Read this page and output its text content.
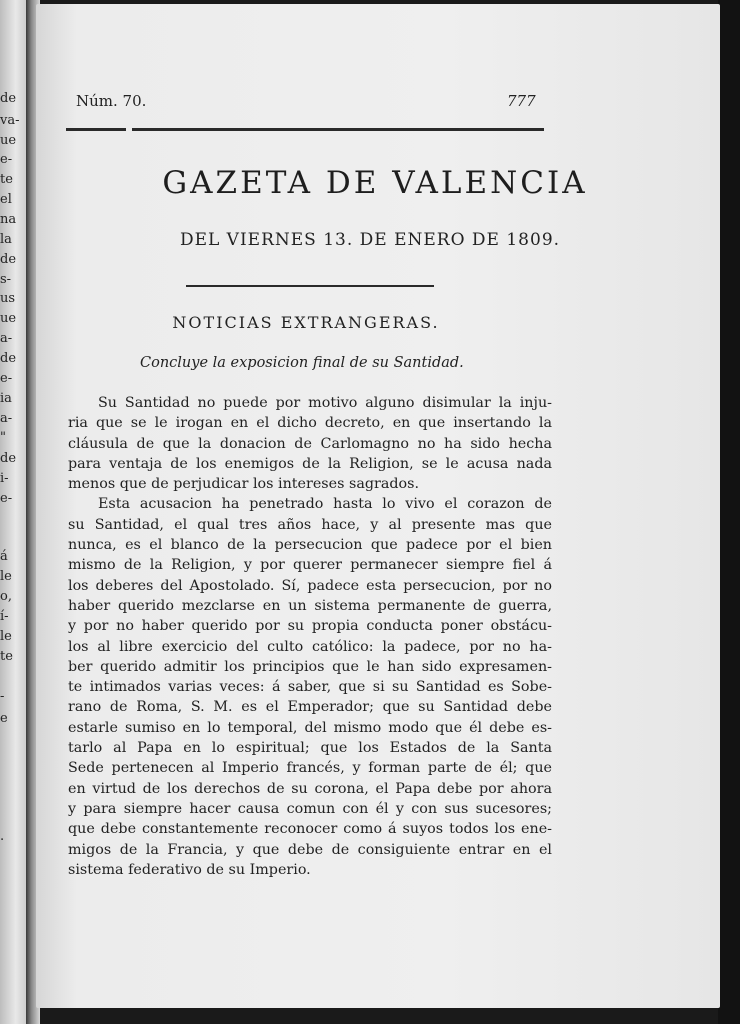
de
va-
ue
e-
te
el
na
la
de
s-
us
ue
a-
de
e-
ia
a-
"
de
i-
e-
á
le
o,
í-
le
te
-
e
.
Núm. 70.	777
GAZETA DE VALENCIA
DEL VIERNES 13. DE ENERO DE 1809.
NOTICIAS EXTRANGERAS.
Concluye la exposicion final de su Santidad.
Su Santidad no puede por motivo alguno disimular la inju-
ria que se le irogan en el dicho decreto, en que insertando la
cláusula de que la donacion de Carlomagno no ha sido hecha
para ventaja de los enemigos de la Religion, se le acusa nada
menos que de perjudicar los intereses sagrados.
Esta acusacion ha penetrado hasta lo vivo el corazon de
su Santidad, el qual tres años hace, y al presente mas que
nunca, es el blanco de la persecucion que padece por el bien
mismo de la Religion, y por querer permanecer siempre fiel á
los deberes del Apostolado. Sí, padece esta persecucion, por no
haber querido mezclarse en un sistema permanente de guerra,
y por no haber querido por su propia conducta poner obstácu-
los al libre exercicio del culto católico: la padece, por no ha-
ber querido admitir los principios que le han sido expresamen-
te intimados varias veces: á saber, que si su Santidad es Sobe-
rano de Roma, S. M. es el Emperador; que su Santidad debe
estarle sumiso en lo temporal, del mismo modo que él debe es-
tarlo al Papa en lo espiritual; que los Estados de la Santa
Sede pertenecen al Imperio francés, y forman parte de él; que
en virtud de los derechos de su corona, el Papa debe por ahora
y para siempre hacer causa comun con él y con sus sucesores;
que debe constantemente reconocer como á suyos todos los ene-
migos de la Francia, y que debe de consiguiente entrar en el
sistema federativo de su Imperio.
